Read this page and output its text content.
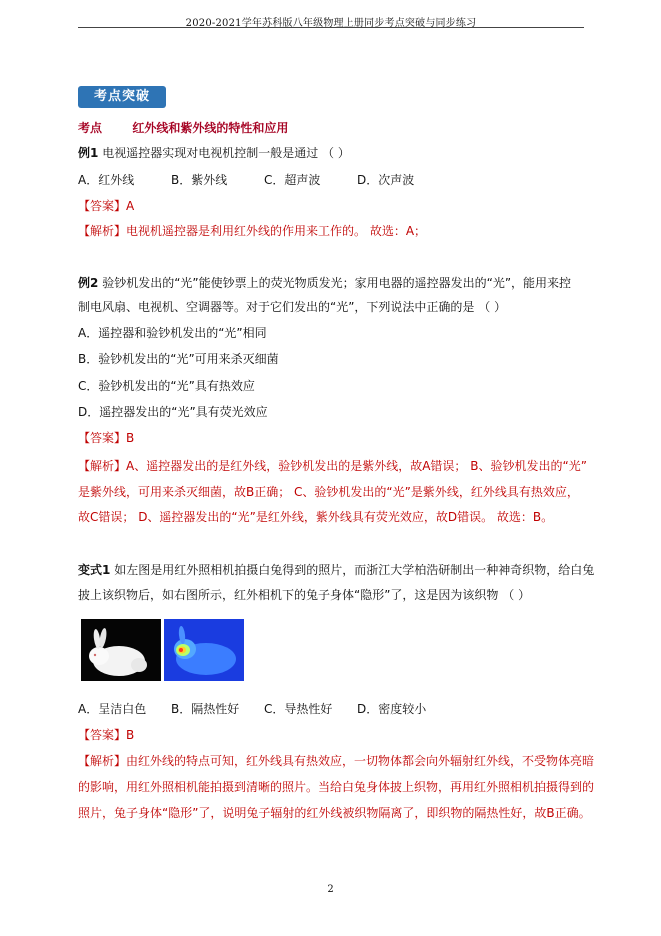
2020-2021学年苏科版八年级物理上册同步考点突破与同步练习
考点突破
考点	红外线和紫外线的特性和应用
例1 电视遥控器实现对电视机控制一般是通过 （ ）
A．红外线	B．紫外线	C．超声波	D．次声波
【答案】A
【解析】电视机遥控器是利用红外线的作用来工作的。 故选：A；
例2 验钞机发出的“光”能使钞票上的荧光物质发光；家用电器的遥控器发出的“光”，能用来控
制电风扇、电视机、空调器等。对于它们发出的“光”，下列说法中正确的是 （ ）
A．遥控器和验钞机发出的“光”相同
B．验钞机发出的“光”可用来杀灭细菌
C．验钞机发出的“光”具有热效应
D．遥控器发出的“光”具有荧光效应
【答案】B
【解析】A、遥控器发出的是红外线，验钞机发出的是紫外线，故A错误； B、验钞机发出的“光”
是紫外线，可用来杀灭细菌，故B正确； C、验钞机发出的“光”是紫外线，红外线具有热效应，
故C错误； D、遥控器发出的“光”是红外线，紫外线具有荧光效应，故D错误。 故选：B。
变式1 如左图是用红外照相机拍摄白兔得到的照片，而浙江大学柏浩研制出一种神奇织物，给白兔
披上该织物后，如右图所示，红外相机下的兔子身体“隐形”了，这是因为该织物 （ ）
A．呈洁白色 B．隔热性好 C．导热性好 D．密度较小
【答案】B
【解析】由红外线的特点可知，红外线具有热效应，一切物体都会向外辐射红外线，不受物体亮暗
的影响，用红外照相机能拍摄到清晰的照片。当给白兔身体披上织物，再用红外照相机拍摄得到的
照片，兔子身体“隐形”了，说明兔子辐射的红外线被织物隔离了，即织物的隔热性好，故B正确。
2
